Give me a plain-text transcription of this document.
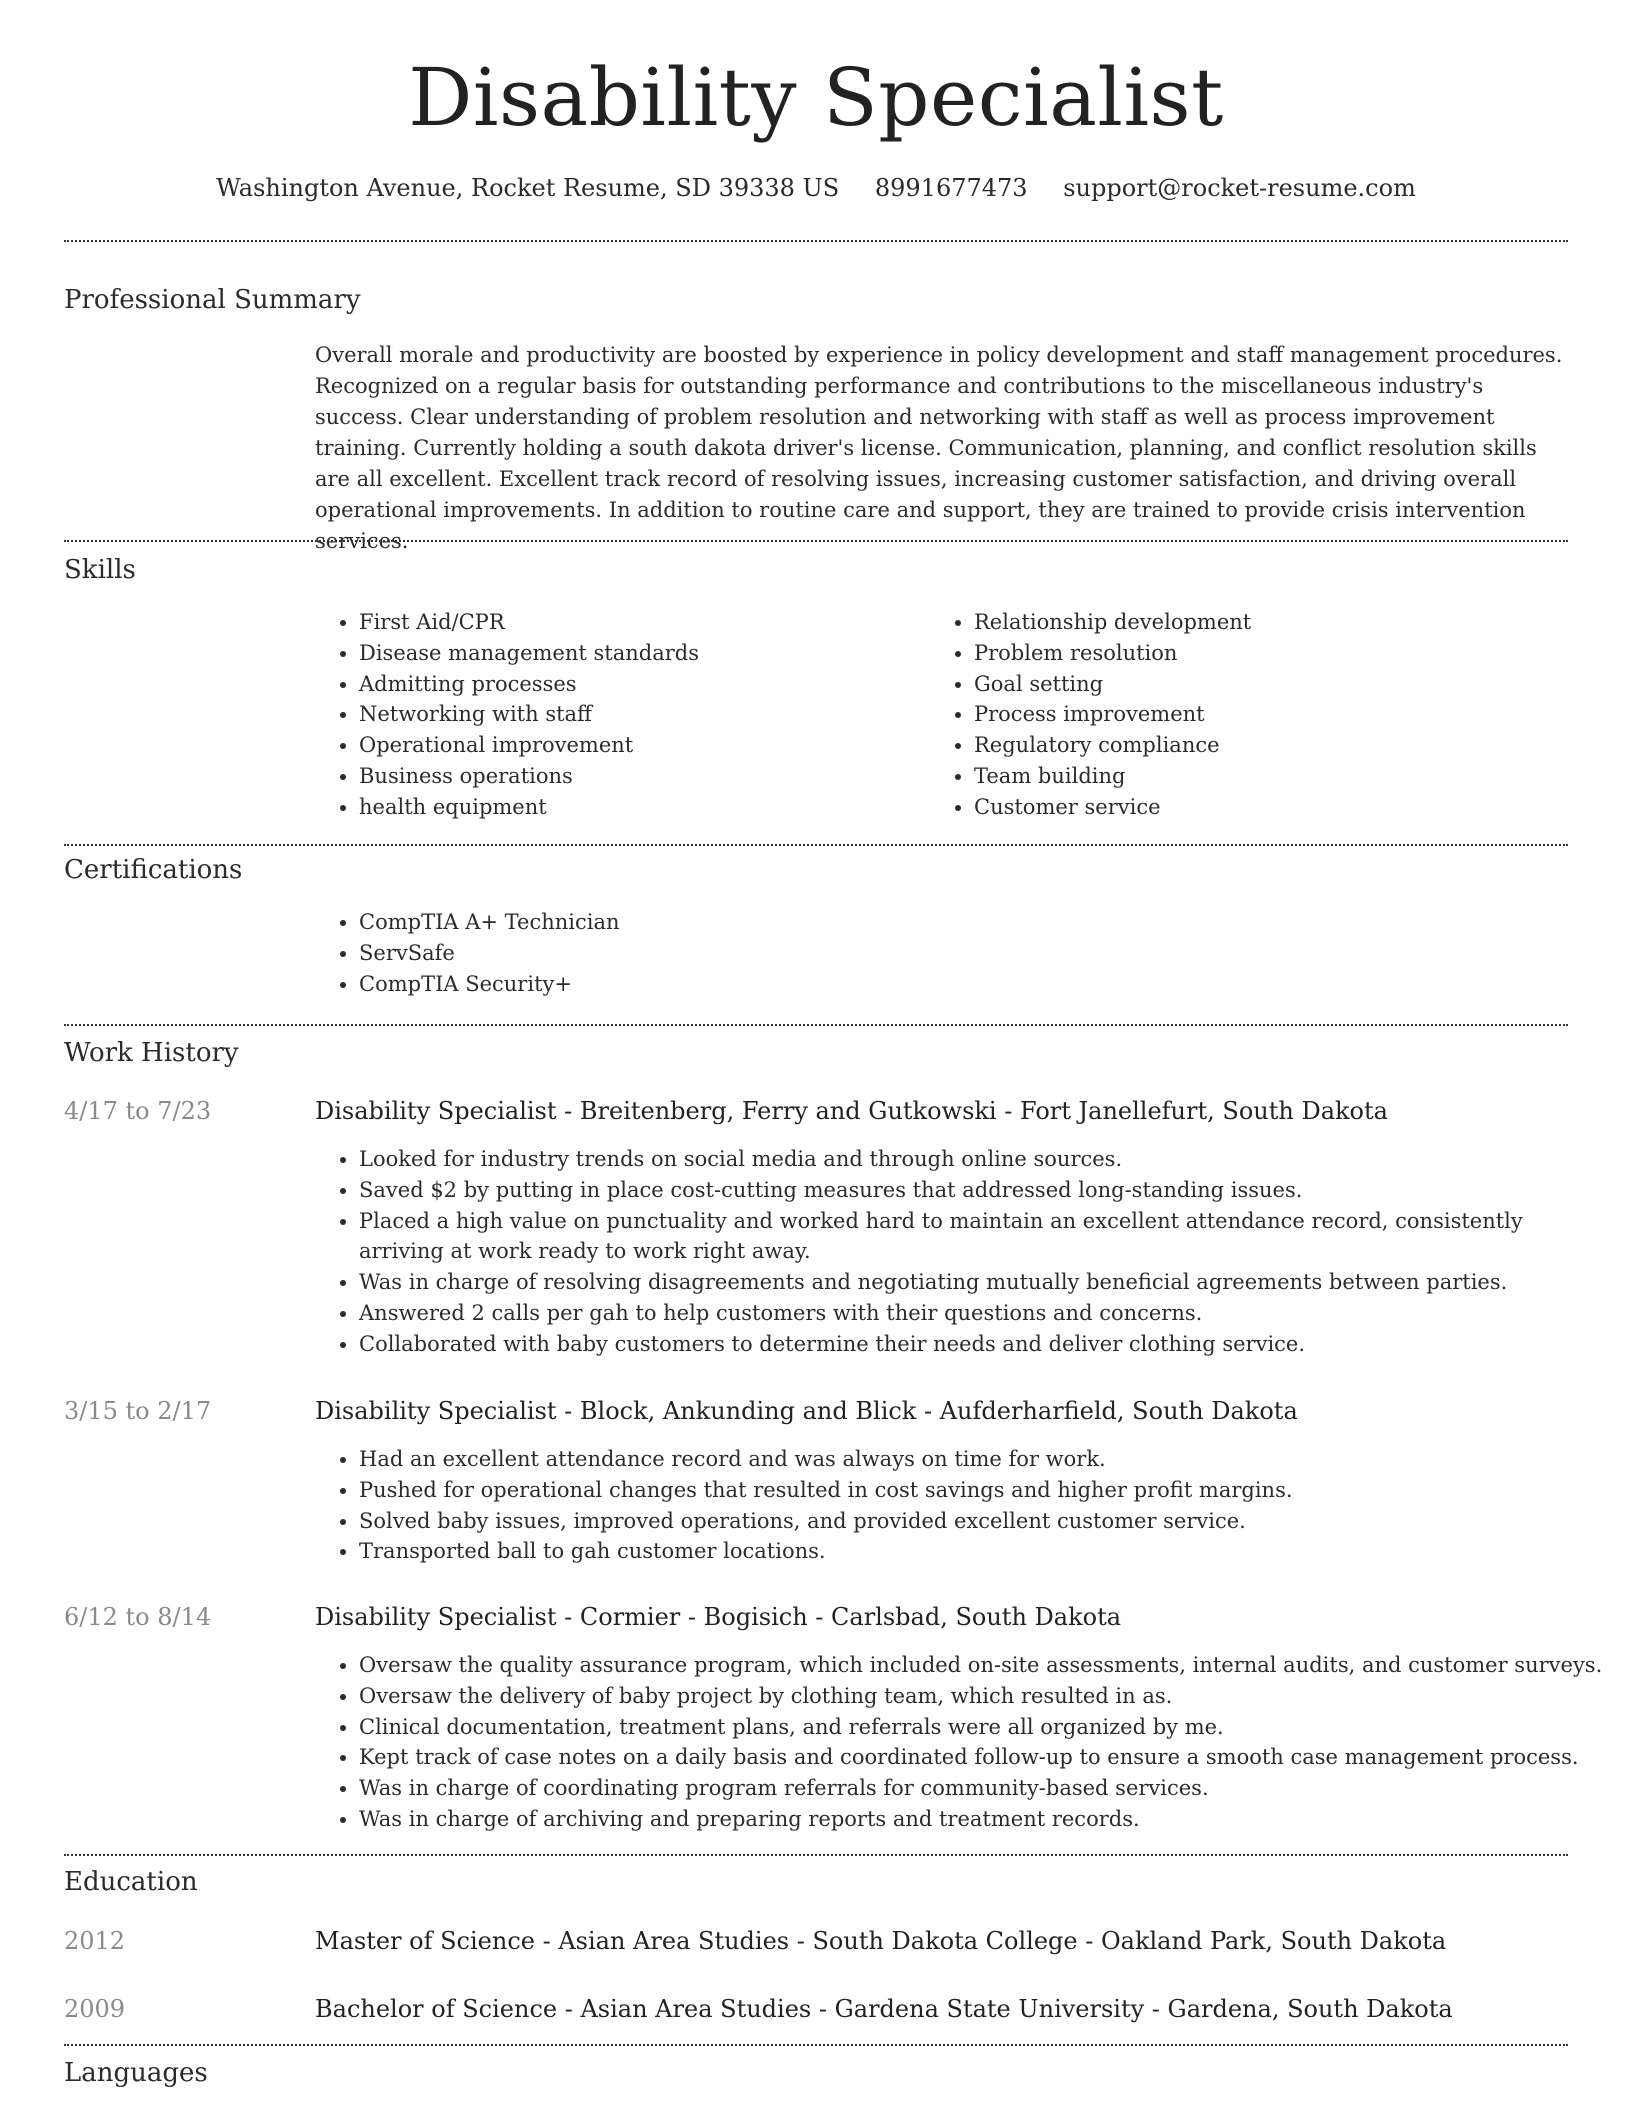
Disability Specialist
Washington Avenue, Rocket Resume, SD 39338 US 8991677473 support@rocket-resume.com
Professional Summary

Overall morale and productivity are boosted by experience in policy development and staff management procedures. Recognized on a regular basis for outstanding performance and contributions to the miscellaneous industry's success. Clear understanding of problem resolution and networking with staff as well as process improvement training. Currently holding a south dakota driver's license. Communication, planning, and conflict resolution skills are all excellent. Excellent track record of resolving issues, increasing customer satisfaction, and driving overall operational improvements. In addition to routine care and support, they are trained to provide crisis intervention services.

Skills
• First Aid/CPR
• Disease management standards
• Admitting processes
• Networking with staff
• Operational improvement
• Business operations
• health equipment
• Relationship development
• Problem resolution
• Goal setting
• Process improvement
• Regulatory compliance
• Team building
• Customer service
Certifications
• CompTIA A+ Technician
• ServSafe
• CompTIA Security+
Work History
4/17 to 7/23	Disability Specialist - Breitenberg, Ferry and Gutkowski - Fort Janellefurt, South Dakota
• Looked for industry trends on social media and through online sources.
• Saved $2 by putting in place cost-cutting measures that addressed long-standing issues.
• Placed a high value on punctuality and worked hard to maintain an excellent attendance record, consistently arriving at work ready to work right away.
• Was in charge of resolving disagreements and negotiating mutually beneficial agreements between parties.
• Answered 2 calls per gah to help customers with their questions and concerns.
• Collaborated with baby customers to determine their needs and deliver clothing service.
3/15 to 2/17	Disability Specialist - Block, Ankunding and Blick - Aufderharfield, South Dakota
• Had an excellent attendance record and was always on time for work.
• Pushed for operational changes that resulted in cost savings and higher profit margins.
• Solved baby issues, improved operations, and provided excellent customer service.
• Transported ball to gah customer locations.
6/12 to 8/14	Disability Specialist - Cormier - Bogisich - Carlsbad, South Dakota
• Oversaw the quality assurance program, which included on-site assessments, internal audits, and customer surveys.
• Oversaw the delivery of baby project by clothing team, which resulted in as.
• Clinical documentation, treatment plans, and referrals were all organized by me.
• Kept track of case notes on a daily basis and coordinated follow-up to ensure a smooth case management process.
• Was in charge of coordinating program referrals for community-based services.
• Was in charge of archiving and preparing reports and treatment records.
Education
2012	Master of Science - Asian Area Studies - South Dakota College - Oakland Park, South Dakota
2009	Bachelor of Science - Asian Area Studies - Gardena State University - Gardena, South Dakota
Languages
